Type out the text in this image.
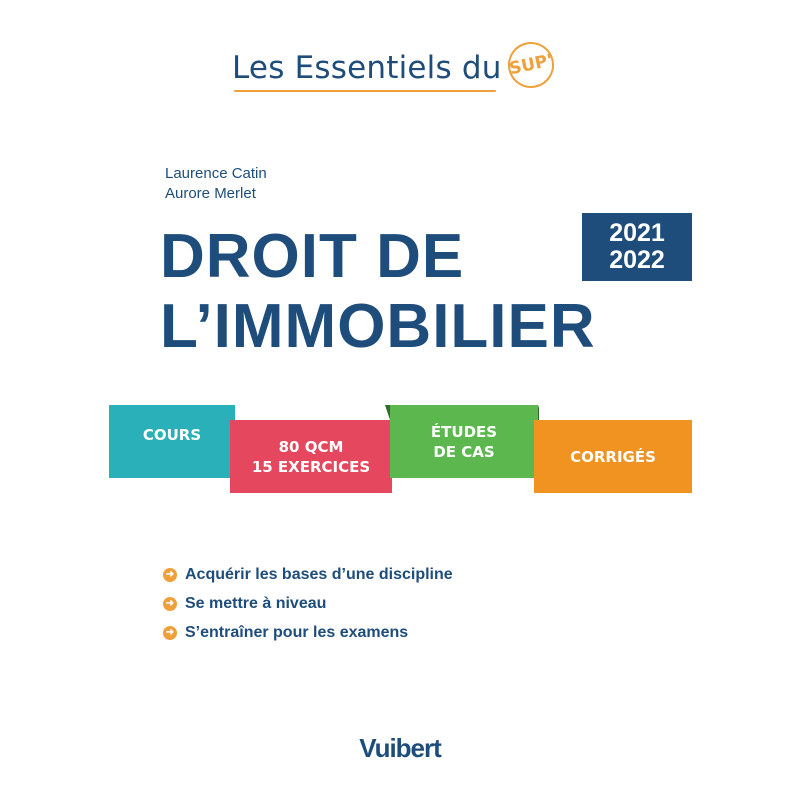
Les Essentiels du SUP'
Laurence Catin
Aurore Merlet
DROIT DE
L’IMMOBILIER
2021
2022
COURS
80 QCM
15 EXERCICES
ÉTUDES
DE CAS	CORRIGÉS
➜ Acquérir les bases d’une discipline
➜ Se mettre à niveau
➜ S’entraîner pour les examens
Vuibert
